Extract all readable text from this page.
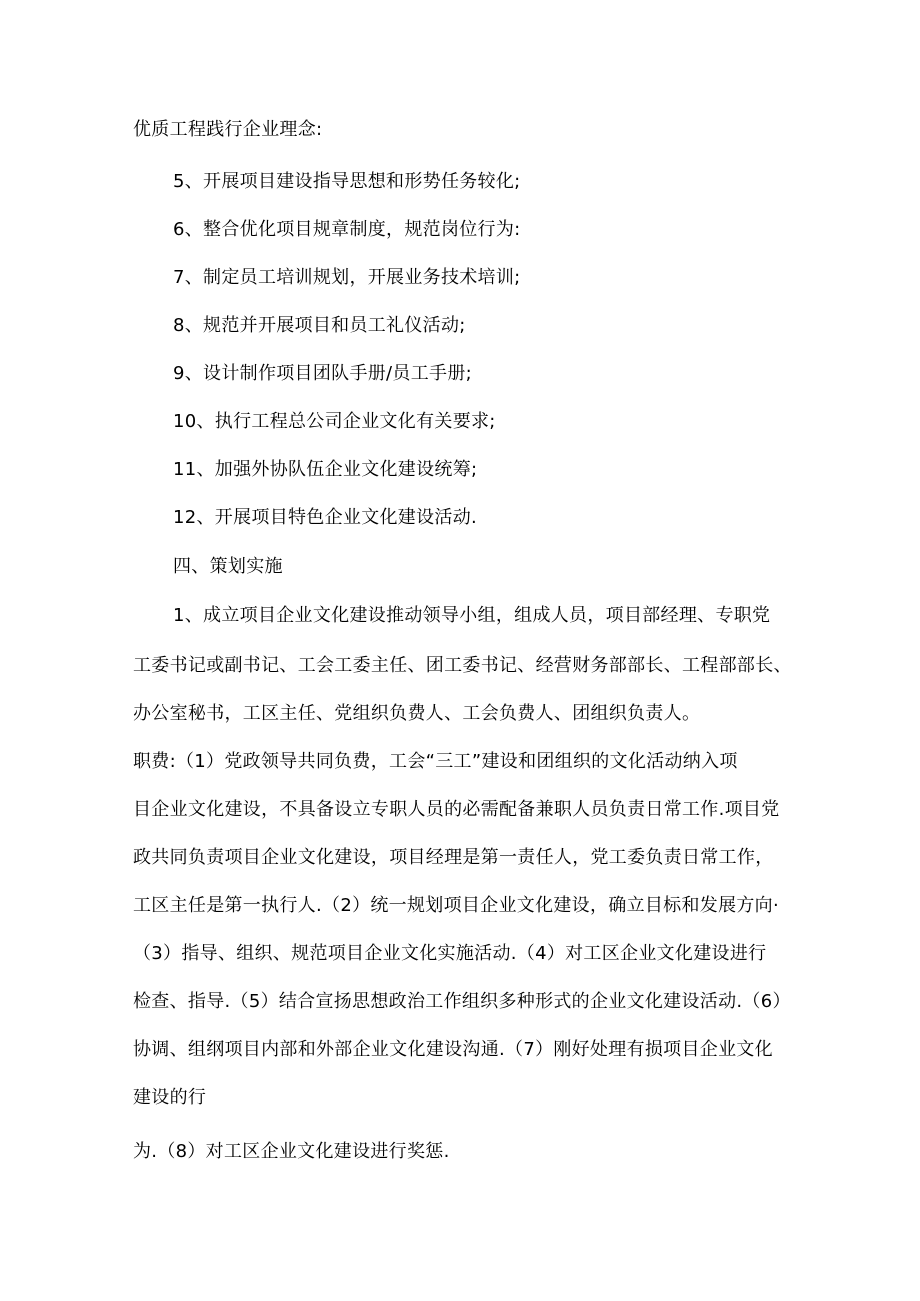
优质工程践行企业理念:
5、开展项目建设指导思想和形势任务较化;
6、整合优化项目规章制度，规范岗位行为:
7、制定员工培训规划，开展业务技术培训;
8、规范并开展项目和员工礼仪活动;
9、设计制作项目团队手册/员工手册;
10、执行工程总公司企业文化有关要求;
11、加强外协队伍企业文化建设统筹;
12、开展项目特色企业文化建设活动.
四、策划实施
1、成立项目企业文化建设推动领导小组，组成人员，项目部经理、专职党
工委书记或副书记、工会工委主任、团工委书记、经营财务部部长、工程部部长、
办公室秘书，工区主任、党组织负费人、工会负费人、团组织负责人。
职费:（1）党政领导共同负费，工会“三工”建设和团组织的文化活动纳入项
目企业文化建设，不具备设立专职人员的必需配备兼职人员负责日常工作.项目党
政共同负责项目企业文化建设，项目经理是第一责任人，党工委负责日常工作，
工区主任是第一执行人.（2）统一规划项目企业文化建设，确立目标和发展方向·
（3）指导、组织、规范项目企业文化实施活动.（4）对工区企业文化建设进行
检查、指导.（5）结合宣扬思想政治工作组织多种形式的企业文化建设活动.（6）
协调、组纲项目内部和外部企业文化建设沟通.（7）刚好处理有损项目企业文化
建设的行
为.（8）对工区企业文化建设进行奖惩.
